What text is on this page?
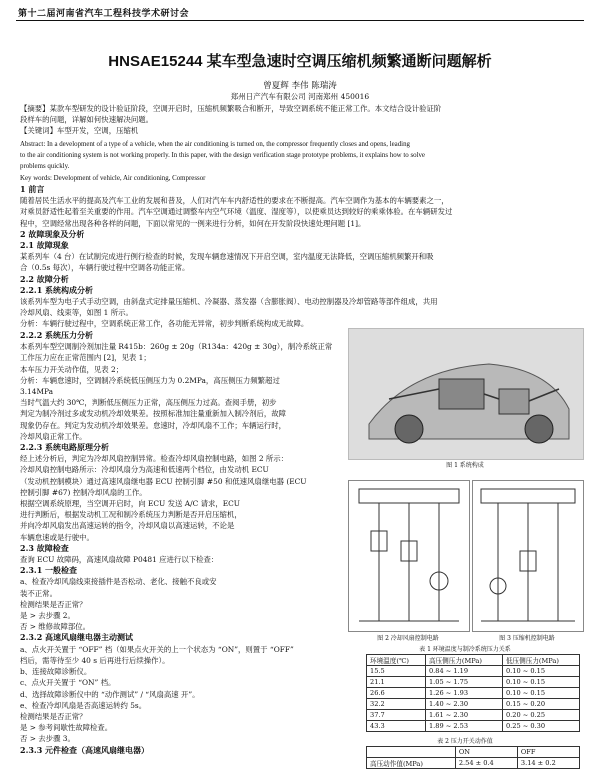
第十二届河南省汽车工程科技学术研讨会
HNSAE15244 某车型急速时空调压缩机频繁通断问题解析
曾夏辉 李伟 陈瑞涛
郑州日产汽车有限公司 河南郑州 450016
【摘要】某款车型研发的设计验证阶段，空调开启时，压缩机频繁吸合和断开，导致空调系统不能正常工作。本文结合设计验证阶
段样车的问题，详解如何快速解决问题。
【关键词】车型开发，空调，压缩机
Abstract: In a development of a type of a vehicle, when the air conditioning is turned on, the compressor frequently closes and opens, leading
to the air conditioning system is not working properly. In this paper, with the design verification stage prototype problems, it explains how to solve
problems quickly.
Key words: Development of vehicle, Air conditioning, Compressor
1 前言
随着居民生活水平的提高及汽车工业的发展和普及，人们对汽车车内舒适性的要求在不断提高。汽车空调作为基本的车辆要素之一，
对乘员舒适性起着至关重要的作用。汽车空调通过调整车内空气环境（温度、湿度等），以使乘员达到较好的乘乘体验。在车辆研发过
程中，空调经常出现各种各样的问题，下面以常见的一例来进行分析，如何在开发阶段快速处理问题 [1]。
2 故障现象及分析
2.1 故障现象
某系列车（4 台）在试制完成进行例行检查的时候，发现车辆怠速情况下开启空调，室内温度无法降低，空调压缩机频繁开和吸
合（0.5s 每次），车辆行驶过程中空调各功能正常。
2.2 故障分析
2.2.1 系统构成分析
该系列车型为电子式手动空调，由斜盘式定排量压缩机、冷凝器、蒸发器（含膨胀阀）、电动控制器及冷却管路等部件组成，共用
冷却风扇、线束等，如图 1 所示。
分析：车辆行驶过程中，空调系统正常工作，各功能无异常，初步判断系统构成无故障。
2.2.2 系统压力分析
本系列车型空调制冷剂加注量 R415b：260g ± 20g（R134a：420g ± 30g），制冷系统正常
工作压力应在正常范围内 [2]，见表 1；
本车压力开关动作值，见表 2；
分析：车辆怠速时，空调制冷系统低压侧压力为 0.2MPa，高压侧压力频繁超过
3.14MPa
当时气温大约 30℃，判断低压侧压力正常，高压侧压力过高。查阅手册，初步
判定为制冷剂过多或发动机冷却效果差。按照标准加注量重新加入制冷剂后，故障
现象仍存在。判定为发动机冷却效果差。怠速时，冷却风扇不工作；车辆运行时，
冷却风扇正常工作。
2.2.3 系统电路原理分析
经上述分析后，判定为冷却风扇控制异常。检查冷却风扇控制电路，如图 2 所示：
冷却风扇控制电路所示：冷却风扇分为高速和低速两个档位，由发动机 ECU
（发动机控制模块）通过高速风扇继电器 ECU 控制引脚 #50 和低速风扇继电器 (ECU
控制引脚 #67) 控制冷却风扇的工作。
根据空调系统原理，当空调开启时，向 ECU 发送 A/C 请求，ECU
进行判断后，根据发动机工况和制冷系统压力判断是否开启压缩机，
并向冷却风扇发出高速运转的指令，冷却风扇以高速运转，不论是
车辆怠速或是行驶中。
2.3 故障检查
查询 ECU 故障码，高速风扇故障 P0481 应进行以下检查：
2.3.1 一般检查
a、检查冷却风扇线束接插件是否松动、老化、接触不良或安
装不正常。
检测结果是否正常？
是 > 去步骤 2。
否 > 维修故障部位。
2.3.2 高速风扇继电器主动测试
a、点火开关置于 “OFF” 档（如果点火开关的上一个状态为 “ON”，则置于 “OFF”
档后，需等待至少 40 s 后再进行后续操作）。
b、连接故障诊断仪。
c、点火开关置于 “ON” 档。
d、选择故障诊断仪中的 “动作测试” / “风扇高速 开”。
e、检查冷却风扇是否高速运转约 5s。
检测结果是否正常？
是 > 参考间歇性故障检查。
否 > 去步骤 3。
2.3.3 元件检查（高速风扇继电器）
图 1 系统构成
图 2 冷却风扇控制电路	图 3 压缩机控制电路
表 1 环境温度与制冷系统压力关系
环境温度(℃)	高压侧压力(MPa)	低压侧压力(MPa)
15.5	0.84 ~ 1.19	0.10 ~ 0.15
21.1	1.05 ~ 1.75	0.10 ~ 0.15
26.6	1.26 ~ 1.93	0.10 ~ 0.15
32.2	1.40 ~ 2.30	0.15 ~ 0.20
37.7	1.61 ~ 2.30	0.20 ~ 0.25
43.3	1.89 ~ 2.53	0.25 ~ 0.30
表 2 压力开关动作值
	ON	OFF
高压动作值(MPa)	2.54 ± 0.4	3.14 ± 0.2
